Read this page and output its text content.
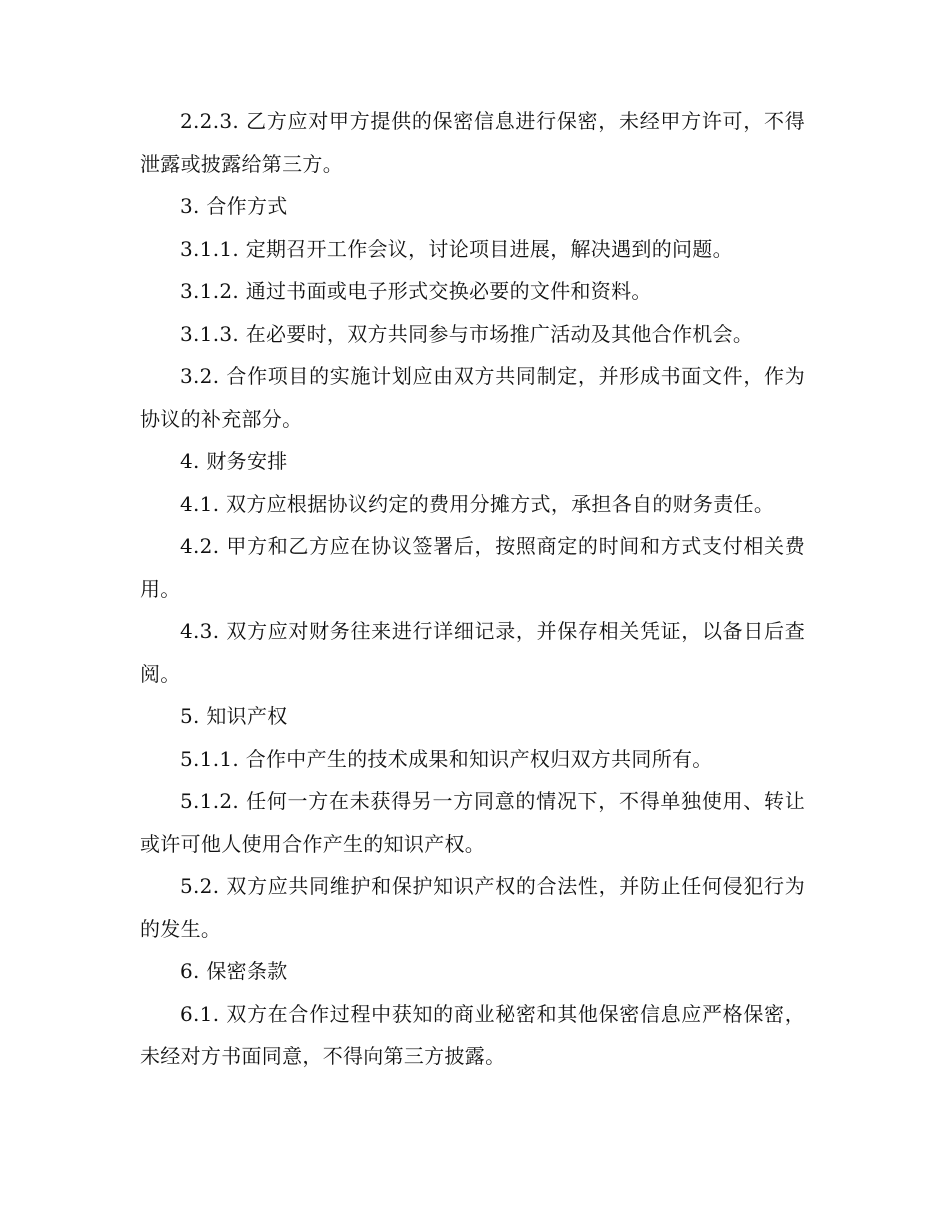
2.2.3. 乙方应对甲方提供的保密信息进行保密，未经甲方许可，不得泄露或披露给第三方。

3. 合作方式

3.1.1. 定期召开工作会议，讨论项目进展，解决遇到的问题。

3.1.2. 通过书面或电子形式交换必要的文件和资料。

3.1.3. 在必要时，双方共同参与市场推广活动及其他合作机会。

3.2. 合作项目的实施计划应由双方共同制定，并形成书面文件，作为协议的补充部分。

4. 财务安排

4.1. 双方应根据协议约定的费用分摊方式，承担各自的财务责任。

4.2. 甲方和乙方应在协议签署后，按照商定的时间和方式支付相关费用。

4.3. 双方应对财务往来进行详细记录，并保存相关凭证，以备日后查阅。

5. 知识产权

5.1.1. 合作中产生的技术成果和知识产权归双方共同所有。

5.1.2. 任何一方在未获得另一方同意的情况下，不得单独使用、转让或许可他人使用合作产生的知识产权。

5.2. 双方应共同维护和保护知识产权的合法性，并防止任何侵犯行为的发生。

6. 保密条款

6.1. 双方在合作过程中获知的商业秘密和其他保密信息应严格保密，未经对方书面同意，不得向第三方披露。
